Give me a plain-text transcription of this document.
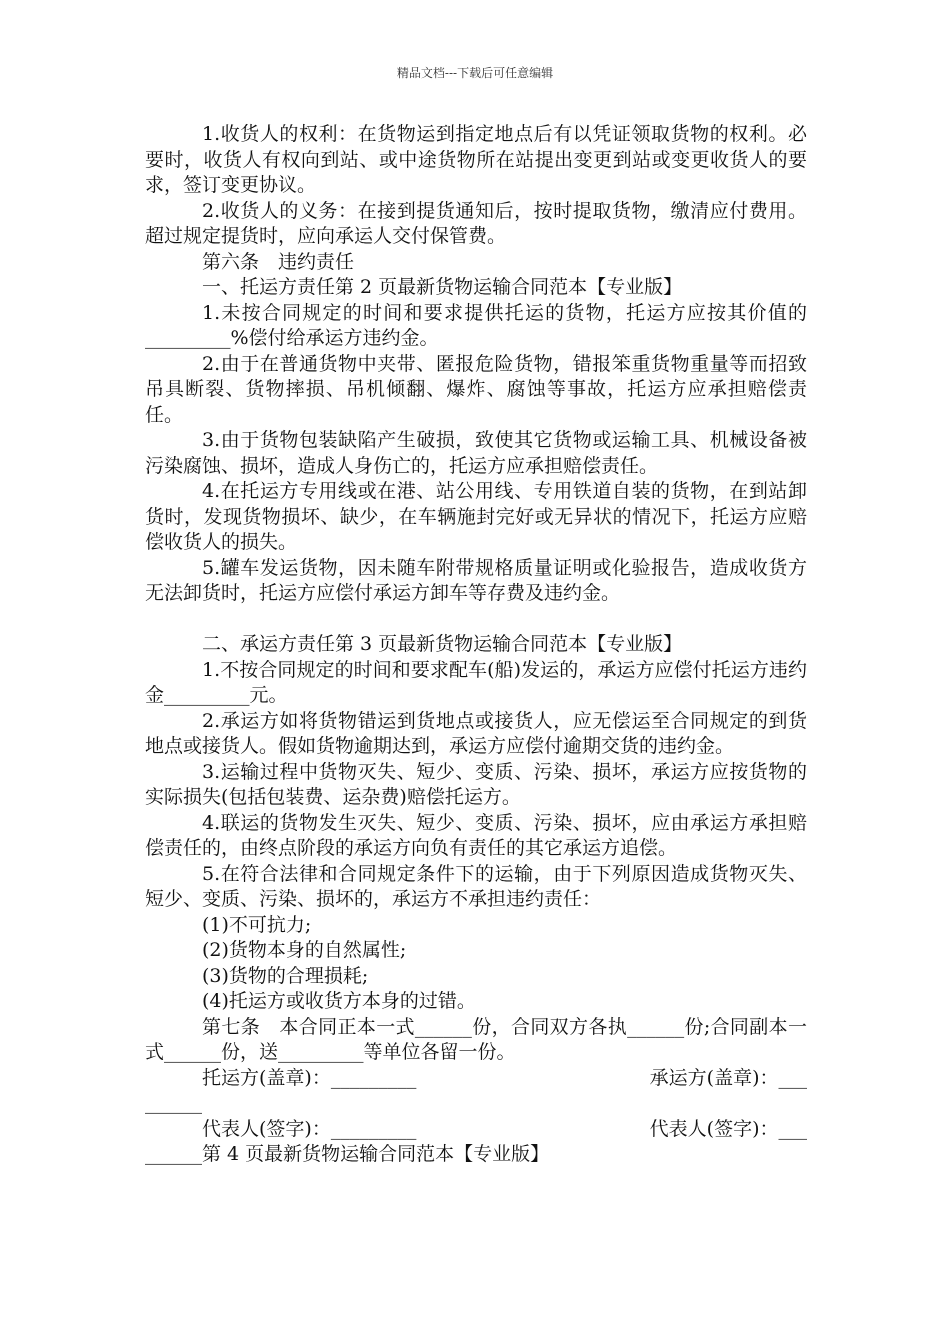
精品文档---下载后可任意编辑

1.收货人的权利：在货物运到指定地点后有以凭证领取货物的权利。必要时，收货人有权向到站、或中途货物所在站提出变更到站或变更收货人的要求，签订变更协议。

2.收货人的义务：在接到提货通知后，按时提取货物，缴清应付费用。超过规定提货时，应向承运人交付保管费。

第六条　违约责任

一、托运方责任第 2 页最新货物运输合同范本【专业版】

1.未按合同规定的时间和要求提供托运的货物，托运方应按其价值的_________%偿付给承运方违约金。

2.由于在普通货物中夹带、匿报危险货物，错报笨重货物重量等而招致吊具断裂、货物摔损、吊机倾翻、爆炸、腐蚀等事故，托运方应承担赔偿责任。

3.由于货物包装缺陷产生破损，致使其它货物或运输工具、机械设备被污染腐蚀、损坏，造成人身伤亡的，托运方应承担赔偿责任。

4.在托运方专用线或在港、站公用线、专用铁道自装的货物，在到站卸货时，发现货物损坏、缺少，在车辆施封完好或无异状的情况下，托运方应赔偿收货人的损失。

5.罐车发运货物，因未随车附带规格质量证明或化验报告，造成收货方无法卸货时，托运方应偿付承运方卸车等存费及违约金。

二、承运方责任第 3 页最新货物运输合同范本【专业版】

1.不按合同规定的时间和要求配车(船)发运的，承运方应偿付托运方违约金_________元。

2.承运方如将货物错运到货地点或接货人，应无偿运至合同规定的到货地点或接货人。假如货物逾期达到，承运方应偿付逾期交货的违约金。

3.运输过程中货物灭失、短少、变质、污染、损坏，承运方应按货物的实际损失(包括包装费、运杂费)赔偿托运方。

4.联运的货物发生灭失、短少、变质、污染、损坏，应由承运方承担赔偿责任的，由终点阶段的承运方向负有责任的其它承运方追偿。

5.在符合法律和合同规定条件下的运输，由于下列原因造成货物灭失、短少、变质、污染、损坏的，承运方不承担违约责任：

(1)不可抗力;

(2)货物本身的自然属性;

(3)货物的合理损耗;

(4)托运方或收货方本身的过错。

第七条　本合同正本一式______份，合同双方各执______份;合同副本一式______份，送_________等单位各留一份。

托运方(盖章)：_________	承运方(盖章)：___

______

代表人(签字)：_________	代表人(签字)：___

______第 4 页最新货物运输合同范本【专业版】
